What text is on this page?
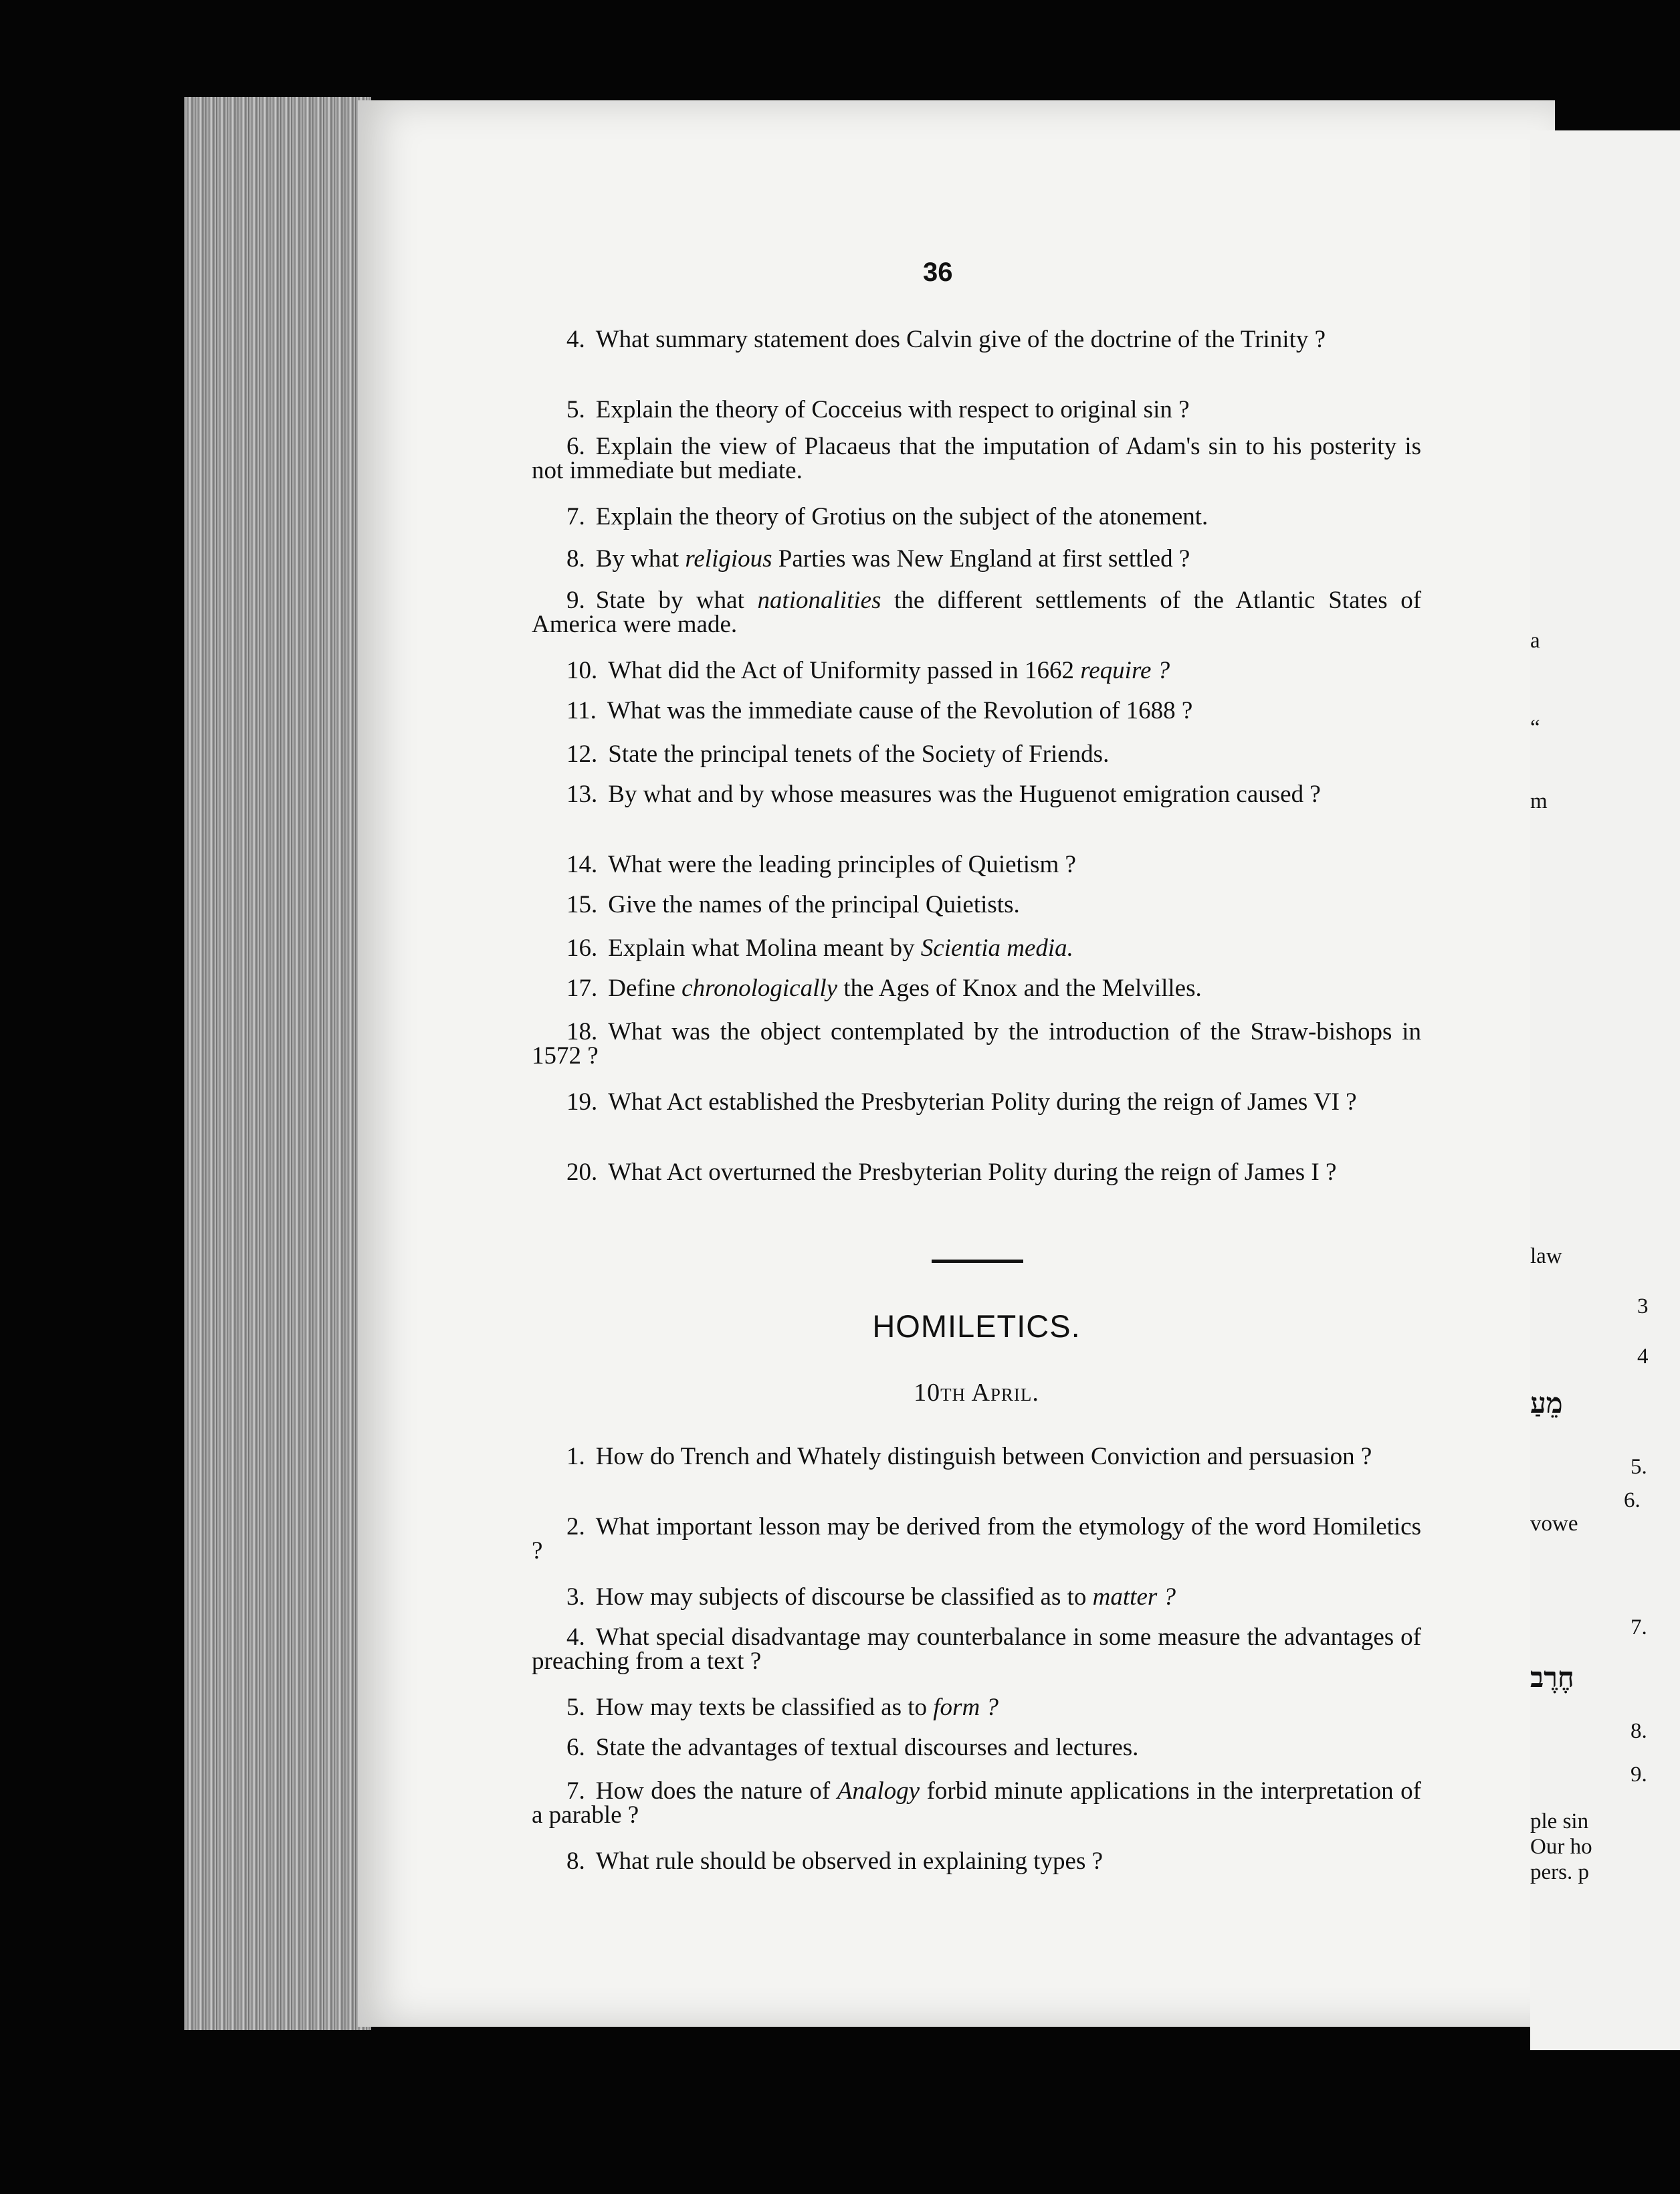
a
“
m
law
3
4
מֵעַ
5.
6.
vowe
7.
חֶרֶב
8.
9.
ple sin
Our ho
pers. p
36
4. What summary statement does Calvin give of the doctrine of the Trinity ?
5. Explain the theory of Cocceius with respect to original sin ?
6. Explain the view of Placaeus that the imputation of Adam's sin to his posterity is not immediate but mediate.
7. Explain the theory of Grotius on the subject of the atonement.
8. By what religious Parties was New England at first settled ?
9. State by what nationalities the different settlements of the Atlantic States of America were made.
10. What did the Act of Uniformity passed in 1662 require ?
11. What was the immediate cause of the Revolution of 1688 ?
12. State the principal tenets of the Society of Friends.
13. By what and by whose measures was the Huguenot emigration caused ?
14. What were the leading principles of Quietism ?
15. Give the names of the principal Quietists.
16. Explain what Molina meant by Scientia media.
17. Define chronologically the Ages of Knox and the Melvilles.
18. What was the object contemplated by the introduction of the Straw-bishops in 1572 ?
19. What Act established the Presbyterian Polity during the reign of James VI ?
20. What Act overturned the Presbyterian Polity during the reign of James I ?
HOMILETICS.
10th April.
1. How do Trench and Whately distinguish between Conviction and persuasion ?
2. What important lesson may be derived from the etymology of the word Homiletics ?
3. How may subjects of discourse be classified as to matter ?
4. What special disadvantage may counterbalance in some measure the advantages of preaching from a text ?
5. How may texts be classified as to form ?
6. State the advantages of textual discourses and lectures.
7. How does the nature of Analogy forbid minute applications in the interpretation of a parable ?
8. What rule should be observed in explaining types ?
